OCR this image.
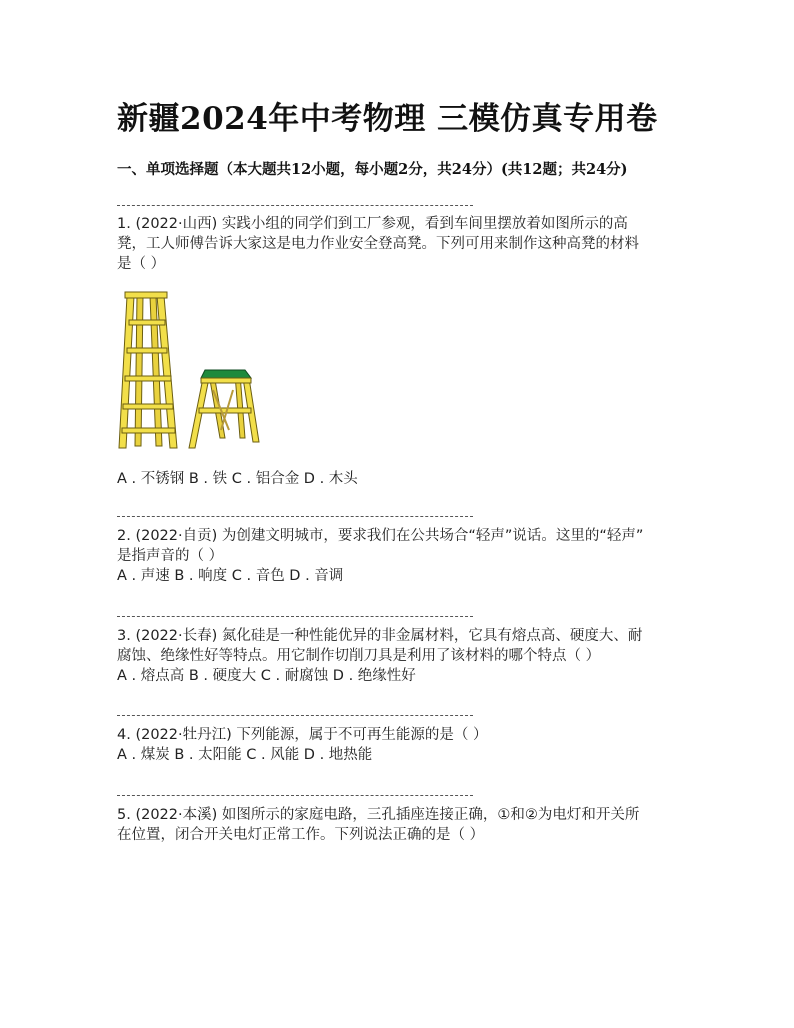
新疆2024年中考物理 三模仿真专用卷
一、单项选择题（本大题共12小题，每小题2分，共24分）(共12题；共24分)

1. (2022·山西) 实践小组的同学们到工厂参观，看到车间里摆放着如图所示的高

凳，工人师傅告诉大家这是电力作业安全登高凳。下列可用来制作这种高凳的材料

是（ ）

A . 不锈钢 B . 铁 C . 铝合金 D . 木头

2. (2022·自贡) 为创建文明城市，要求我们在公共场合“轻声”说话。这里的“轻声”

是指声音的（ ）

A . 声速 B . 响度 C . 音色 D . 音调

3. (2022·长春) 氮化硅是一种性能优异的非金属材料，它具有熔点高、硬度大、耐

腐蚀、绝缘性好等特点。用它制作切削刀具是利用了该材料的哪个特点（ ）

A . 熔点高 B . 硬度大 C . 耐腐蚀 D . 绝缘性好

4. (2022·牡丹江) 下列能源，属于不可再生能源的是（ ）

A . 煤炭 B . 太阳能 C . 风能 D . 地热能

5. (2022·本溪) 如图所示的家庭电路，三孔插座连接正确，①和②为电灯和开关所

在位置，闭合开关电灯正常工作。下列说法正确的是（ ）
